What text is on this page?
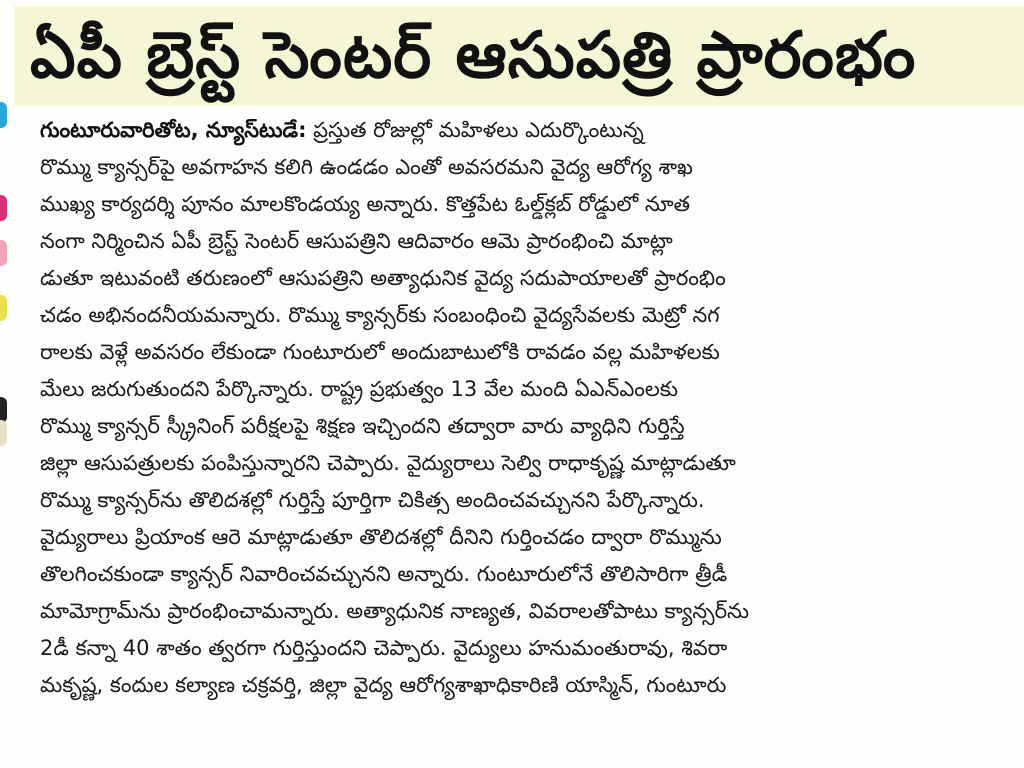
ఏపీ బ్రెస్ట్ సెంటర్ ఆసుపత్రి ప్రారంభం
గుంటూరువారితోట, న్యూస్‌టుడే: ప్రస్తుత రోజుల్లో మహిళలు ఎదుర్కొంటున్న
రొమ్ము క్యాన్సర్‌పై అవగాహన కలిగి ఉండడం ఎంతో అవసరమని వైద్య ఆరోగ్య శాఖ
ముఖ్య కార్యదర్శి పూనం మాలకొండయ్య అన్నారు. కొత్తపేట ఓల్డ్‌క్లబ్ రోడ్డులో నూత
నంగా నిర్మించిన ఏపీ బ్రెస్ట్ సెంటర్ ఆసుపత్రిని ఆదివారం ఆమె ప్రారంభించి మాట్లా
డుతూ ఇటువంటి తరుణంలో ఆసుపత్రిని అత్యాధునిక వైద్య సదుపాయాలతో ప్రారంభిం
చడం అభినందనీయమన్నారు. రొమ్ము క్యాన్సర్‌కు సంబంధించి వైద్యసేవలకు మెట్రో నగ
రాలకు వెళ్లే అవసరం లేకుండా గుంటూరులో అందుబాటులోకి రావడం వల్ల మహిళలకు
మేలు జరుగుతుందని పేర్కొన్నారు. రాష్ట్ర ప్రభుత్వం 13 వేల మంది ఏఎన్‌ఎంలకు
రొమ్ము క్యాన్సర్ స్క్రీనింగ్ పరీక్షలపై శిక్షణ ఇచ్చిందని తద్వారా వారు వ్యాధిని గుర్తిస్తే
జిల్లా ఆసుపత్రులకు పంపిస్తున్నారని చెప్పారు. వైద్యురాలు సెల్వి రాధాకృష్ణ మాట్లాడుతూ
రొమ్ము క్యాన్సర్‌ను తొలిదశల్లో గుర్తిస్తే పూర్తిగా చికిత్స అందించవచ్చునని పేర్కొన్నారు.
వైద్యురాలు ప్రియాంక ఆరె మాట్లాడుతూ తొలిదశల్లో దీనిని గుర్తించడం ద్వారా రొమ్మును
తొలగించకుండా క్యాన్సర్ నివారించవచ్చునని అన్నారు. గుంటూరులోనే తొలిసారిగా త్రీడీ
మామోగ్రామ్‌ను ప్రారంభించామన్నారు. అత్యాధునిక నాణ్యత, వివరాలతోపాటు క్యాన్సర్‌ను
2డీ కన్నా 40 శాతం త్వరగా గుర్తిస్తుందని చెప్పారు. వైద్యులు హనుమంతురావు, శివరా
మకృష్ణ, కందుల కల్యాణ చక్రవర్తి, జిల్లా వైద్య ఆరోగ్యశాఖాధికారిణి యాస్మిన్, గుంటూరు
